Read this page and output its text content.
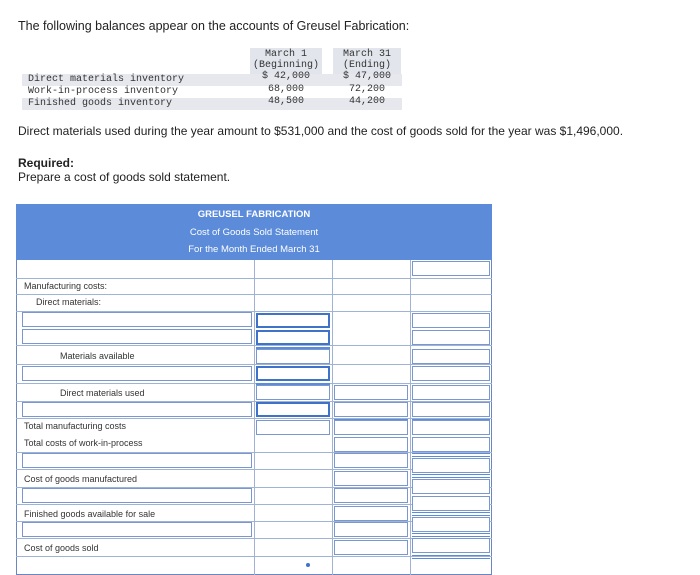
The following balances appear on the accounts of Greusel Fabrication:
March 1
(Beginning)
March 31
(Ending)
Direct materials inventory	$ 42,000	$ 47,000
Work-in-process inventory	68,000	72,200
Finished goods inventory	48,500	44,200
Direct materials used during the year amount to $531,000 and the cost of goods sold for the year was $1,496,000.
Required:
Prepare a cost of goods sold statement.
GREUSEL FABRICATION
Cost of Goods Sold Statement
For the Month Ended March 31
Manufacturing costs:
Direct materials:
Materials available
Direct materials used
Total manufacturing costs
Total costs of work-in-process
Cost of goods manufactured
Finished goods available for sale
Cost of goods sold
